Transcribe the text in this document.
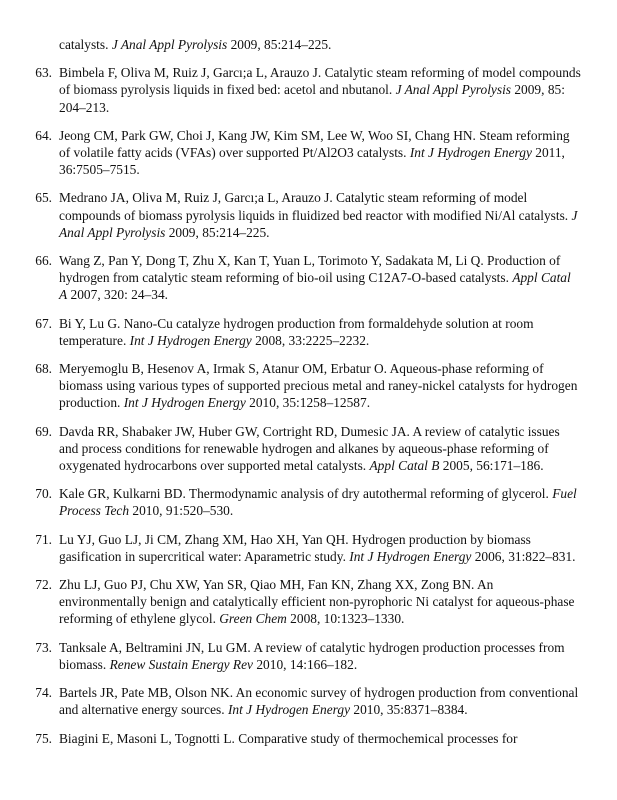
catalysts. J Anal Appl Pyrolysis 2009, 85:214–225.
63. Bimbela F, Oliva M, Ruiz J, Garcı;a L, Arauzo J. Catalytic steam reforming of model compounds of biomass pyrolysis liquids in fixed bed: acetol and nbutanol. J Anal Appl Pyrolysis 2009, 85: 204–213.
64. Jeong CM, Park GW, Choi J, Kang JW, Kim SM, Lee W, Woo SI, Chang HN. Steam reforming of volatile fatty acids (VFAs) over supported Pt/Al2O3 catalysts. Int J Hydrogen Energy 2011, 36:7505–7515.
65. Medrano JA, Oliva M, Ruiz J, Garcı;a L, Arauzo J. Catalytic steam reforming of model compounds of biomass pyrolysis liquids in fluidized bed reactor with modified Ni/Al catalysts. J Anal Appl Pyrolysis 2009, 85:214–225.
66. Wang Z, Pan Y, Dong T, Zhu X, Kan T, Yuan L, Torimoto Y, Sadakata M, Li Q. Production of hydrogen from catalytic steam reforming of bio-oil using C12A7-O-based catalysts. Appl Catal A 2007, 320: 24–34.
67. Bi Y, Lu G. Nano-Cu catalyze hydrogen production from formaldehyde solution at room temperature. Int J Hydrogen Energy 2008, 33:2225–2232.
68. Meryemoglu B, Hesenov A, Irmak S, Atanur OM, Erbatur O. Aqueous-phase reforming of biomass using various types of supported precious metal and raney-nickel catalysts for hydrogen production. Int J Hydrogen Energy 2010, 35:1258–12587.
69. Davda RR, Shabaker JW, Huber GW, Cortright RD, Dumesic JA. A review of catalytic issues and process conditions for renewable hydrogen and alkanes by aqueous-phase reforming of oxygenated hydrocarbons over supported metal catalysts. Appl Catal B 2005, 56:171–186.
70. Kale GR, Kulkarni BD. Thermodynamic analysis of dry autothermal reforming of glycerol. Fuel Process Tech 2010, 91:520–530.
71. Lu YJ, Guo LJ, Ji CM, Zhang XM, Hao XH, Yan QH. Hydrogen production by biomass gasification in supercritical water: Aparametric study. Int J Hydrogen Energy 2006, 31:822–831.
72. Zhu LJ, Guo PJ, Chu XW, Yan SR, Qiao MH, Fan KN, Zhang XX, Zong BN. An environmentally benign and catalytically efficient non-pyrophoric Ni catalyst for aqueous-phase reforming of ethylene glycol. Green Chem 2008, 10:1323–1330.
73. Tanksale A, Beltramini JN, Lu GM. A review of catalytic hydrogen production processes from biomass. Renew Sustain Energy Rev 2010, 14:166–182.
74. Bartels JR, Pate MB, Olson NK. An economic survey of hydrogen production from conventional and alternative energy sources. Int J Hydrogen Energy 2010, 35:8371–8384.
75. Biagini E, Masoni L, Tognotti L. Comparative study of thermochemical processes for
